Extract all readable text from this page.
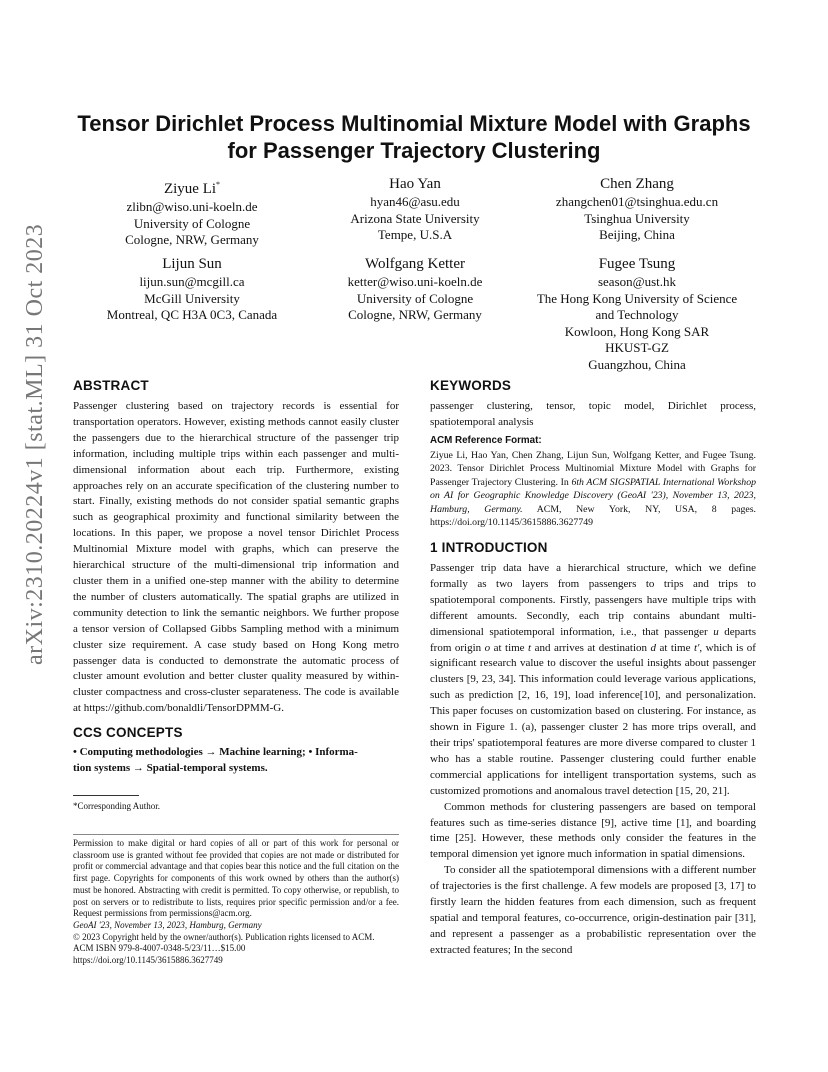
arXiv:2310.20224v1 [stat.ML] 31 Oct 2023
Tensor Dirichlet Process Multinomial Mixture Model with Graphs
for Passenger Trajectory Clustering
Ziyue Li*
zlibn@wiso.uni-koeln.de
University of Cologne
Cologne, NRW, Germany
Hao Yan
hyan46@asu.edu
Arizona State University
Tempe, U.S.A
Chen Zhang
zhangchen01@tsinghua.edu.cn
Tsinghua University
Beijing, China
Lijun Sun
lijun.sun@mcgill.ca
McGill University
Montreal, QC H3A 0C3, Canada
Wolfgang Ketter
ketter@wiso.uni-koeln.de
University of Cologne
Cologne, NRW, Germany
Fugee Tsung
season@ust.hk
The Hong Kong University of Science
and Technology
Kowloon, Hong Kong SAR
HKUST-GZ
Guangzhou, China
ABSTRACT

Passenger clustering based on trajectory records is essential for transportation operators. However, existing methods cannot easily cluster the passengers due to the hierarchical structure of the passenger trip information, including multiple trips within each passenger and multi-dimensional information about each trip. Furthermore, existing approaches rely on an accurate specification of the clustering number to start. Finally, existing methods do not consider spatial semantic graphs such as geographical proximity and functional similarity between the locations. In this paper, we propose a novel tensor Dirichlet Process Multinomial Mixture model with graphs, which can preserve the hierarchical structure of the multi-dimensional trip information and cluster them in a unified one-step manner with the ability to determine the number of clusters automatically. The spatial graphs are utilized in community detection to link the semantic neighbors. We further propose a tensor version of Collapsed Gibbs Sampling method with a minimum cluster size requirement. A case study based on Hong Kong metro passenger data is conducted to demonstrate the automatic process of cluster amount evolution and better cluster quality measured by within-cluster compactness and cross-cluster separateness. The code is available at https://github.com/bonaldli/TensorDPMM-G.

CCS CONCEPTS
• Computing methodologies → Machine learning; • Informa-
tion systems → Spatial-temporal systems.
*Corresponding Author.
Permission to make digital or hard copies of all or part of this work for personal or classroom use is granted without fee provided that copies are not made or distributed for profit or commercial advantage and that copies bear this notice and the full citation on the first page. Copyrights for components of this work owned by others than the author(s) must be honored. Abstracting with credit is permitted. To copy otherwise, or republish, to post on servers or to redistribute to lists, requires prior specific permission and/or a fee. Request permissions from permissions@acm.org.
GeoAI '23, November 13, 2023, Hamburg, Germany
© 2023 Copyright held by the owner/author(s). Publication rights licensed to ACM.
ACM ISBN 979-8-4007-0348-5/23/11…$15.00
https://doi.org/10.1145/3615886.3627749
KEYWORDS
passenger clustering, tensor, topic model, Dirichlet process, spatiotemporal analysis
ACM Reference Format:
Ziyue Li, Hao Yan, Chen Zhang, Lijun Sun, Wolfgang Ketter, and Fugee Tsung. 2023. Tensor Dirichlet Process Multinomial Mixture Model with Graphs for Passenger Trajectory Clustering. In 6th ACM SIGSPATIAL International Workshop on AI for Geographic Knowledge Discovery (GeoAI '23), November 13, 2023, Hamburg, Germany. ACM, New York, NY, USA, 8 pages. https://doi.org/10.1145/3615886.3627749
1 INTRODUCTION

Passenger trip data have a hierarchical structure, which we define formally as two layers from passengers to trips and trips to spatiotemporal components. Firstly, passengers have multiple trips with different amounts. Secondly, each trip contains abundant multi-dimensional spatiotemporal information, i.e., that passenger u departs from origin o at time t and arrives at destination d at time t′, which is of significant research value to discover the useful insights about passenger clusters [9, 23, 34]. This information could leverage various applications, such as prediction [2, 16, 19], load inference[10], and personalization. This paper focuses on customization based on clustering. For instance, as shown in Figure 1. (a), passenger cluster 2 has more trips overall, and their trips' spatiotemporal features are more diverse compared to cluster 1 who has a stable routine. Passenger clustering could further enable commercial applications for intelligent transportation systems, such as customized promotions and anomalous travel detection [15, 20, 21].

Common methods for clustering passengers are based on temporal features such as time-series distance [9], active time [1], and boarding time [25]. However, these methods only consider the features in the temporal dimension yet ignore much information in spatial dimensions.

To consider all the spatiotemporal dimensions with a different number of trajectories is the first challenge. A few models are proposed [3, 17] to firstly learn the hidden features from each dimension, such as frequent spatial and temporal features, co-occurrence, origin-destination pair [31], and represent a passenger as a probabilistic representation over the extracted features; In the second
